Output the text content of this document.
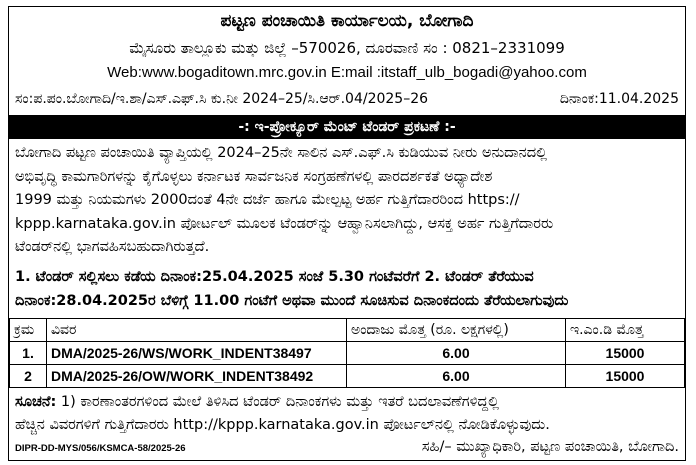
ಪಟ್ಟಣ ಪಂಚಾಯಿತಿ ಕಾರ್ಯಾಲಯ, ಬೋಗಾದಿ
ಮೈಸೂರು ತಾಲ್ಲೂಕು ಮತ್ತು ಜಿಲ್ಲೆ –570026, ದೂರವಾಣಿ ಸಂ : 0821–2331099
Web:www.bogaditown.mrc.gov.in E:mail :itstaff_ulb_bogadi@yahoo.com
ಸಂ:ಪ.ಪಂ.ಬೋಗಾದಿ/ಇ.ಶಾ/ಎಸ್.ಎಫ್.ಸಿ ಕು.ನೀ 2024–25/ಸಿ.ಆರ್.04/2025–26	ದಿನಾಂಕ:11.04.2025
-: ಇ-ಪ್ರೋಕ್ಯೂರ್ ಮೆಂಟ್ ಟೆಂಡರ್ ಪ್ರಕಟಣೆ :-
ಬೋಗಾದಿ ಪಟ್ಟಣ ಪಂಚಾಯಿತಿ ವ್ಯಾಪ್ತಿಯಲ್ಲಿ 2024–25ನೇ ಸಾಲಿನ ಎಸ್.ಎಫ್.ಸಿ ಕುಡಿಯುವ ನೀರು ಅನುದಾನದಲ್ಲಿ
ಅಭಿವೃದ್ಧಿ ಕಾಮಗಾರಿಗಳನ್ನು ಕೈಗೊಳ್ಳಲು ಕರ್ನಾಟಕ ಸಾರ್ವಜನಿಕ ಸಂಗ್ರಹಣೆಗಳಲ್ಲಿ ಪಾರದರ್ಶಕತೆ ಅಧ್ಯಾದೇಶ
1999 ಮತ್ತು ನಿಯಮಗಳು 2000ದಂತೆ 4ನೇ ದರ್ಜೆ ಹಾಗೂ ಮೇಲ್ಪಟ್ಟ ಅರ್ಹ ಗುತ್ತಿಗೆದಾರರಿಂದ https://
kppp.karnataka.gov.in ಪೋರ್ಟಲ್ ಮೂಲಕ ಟೆಂಡರ್‌ನ್ನು ಆಹ್ವಾನಿಸಲಾಗಿದ್ದು, ಆಸಕ್ತ ಅರ್ಹ ಗುತ್ತಿಗೆದಾರರು
ಟೆಂಡರ್‌ನಲ್ಲಿ ಭಾಗವಹಿಸಬಹುದಾಗಿರುತ್ತದೆ.
1. ಟೆಂಡರ್ ಸಲ್ಲಿಸಲು ಕಡೆಯ ದಿನಾಂಕ:25.04.2025 ಸಂಜೆ 5.30 ಗಂಟೆವರೆಗೆ 2. ಟೆಂಡರ್ ತೆರೆಯುವ
ದಿನಾಂಕ:28.04.2025ರ ಬೆಳಿಗ್ಗೆ 11.00 ಗಂಟೆಗೆ ಅಥವಾ ಮುಂದೆ ಸೂಚಿಸುವ ದಿನಾಂಕದಂದು ತೆರೆಯಲಾಗುವುದು
ಕ್ರಮ	ವಿವರ	ಅಂದಾಜು ಮೊತ್ತ (ರೂ. ಲಕ್ಷಗಳಲ್ಲಿ)	ಇ.ಎಂ.ಡಿ ಮೊತ್ತ
1.	DMA/2025-26/WS/WORK_INDENT38497	6.00	15000
2	DMA/2025-26/OW/WORK_INDENT38492	6.00	15000
ಸೂಚನೆ: 1) ಕಾರಣಾಂತರಗಳಿಂದ ಮೇಲೆ ತಿಳಿಸಿದ ಟೆಂಡರ್ ದಿನಾಂಕಗಳು ಮತ್ತು ಇತರೆ ಬದಲಾವಣೆಗಳಿದ್ದಲ್ಲಿ
ಹೆಚ್ಚಿನ ವಿವರಗಳಿಗೆ ಗುತ್ತಿಗೆದಾರರು http://kppp.karnataka.gov.in ಪೋರ್ಟಲ್‌ನಲ್ಲಿ ನೋಡಿಕೊಳ್ಳುವುದು.
DIPR-DD-MYS/056/KSMCA-58/2025-26	ಸಹಿ/– ಮುಖ್ಯಾಧಿಕಾರಿ, ಪಟ್ಟಣ ಪಂಚಾಯಿತಿ, ಬೋಗಾದಿ.
